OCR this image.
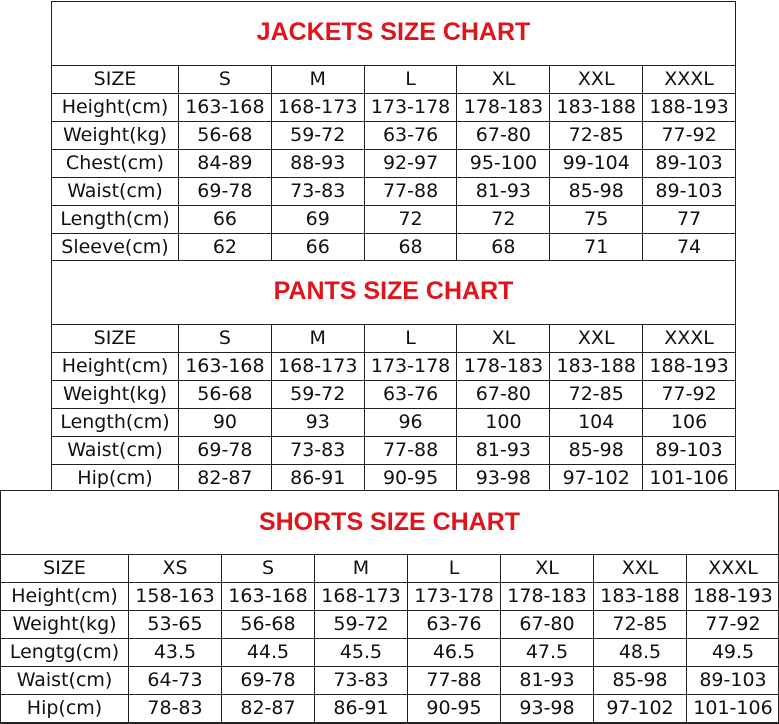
JACKETS SIZE CHART
SIZE	S	M	L	XL	XXL	XXXL
Height(cm)	163-168	168-173	173-178	178-183	183-188	188-193
Weight(kg)	56-68	59-72	63-76	67-80	72-85	77-92
Chest(cm)	84-89	88-93	92-97	95-100	99-104	89-103
Waist(cm)	69-78	73-83	77-88	81-93	85-98	89-103
Length(cm)	66	69	72	72	75	77
Sleeve(cm)	62	66	68	68	71	74
PANTS SIZE CHART
SIZE	S	M	L	XL	XXL	XXXL
Height(cm)	163-168	168-173	173-178	178-183	183-188	188-193
Weight(kg)	56-68	59-72	63-76	67-80	72-85	77-92
Length(cm)	90	93	96	100	104	106
Waist(cm)	69-78	73-83	77-88	81-93	85-98	89-103
Hip(cm)	82-87	86-91	90-95	93-98	97-102	101-106
SHORTS SIZE CHART
SIZE	XS	S	M	L	XL	XXL	XXXL
Height(cm)	158-163	163-168	168-173	173-178	178-183	183-188	188-193
Weight(kg)	53-65	56-68	59-72	63-76	67-80	72-85	77-92
Lengtg(cm)	43.5	44.5	45.5	46.5	47.5	48.5	49.5
Waist(cm)	64-73	69-78	73-83	77-88	81-93	85-98	89-103
Hip(cm)	78-83	82-87	86-91	90-95	93-98	97-102	101-106
